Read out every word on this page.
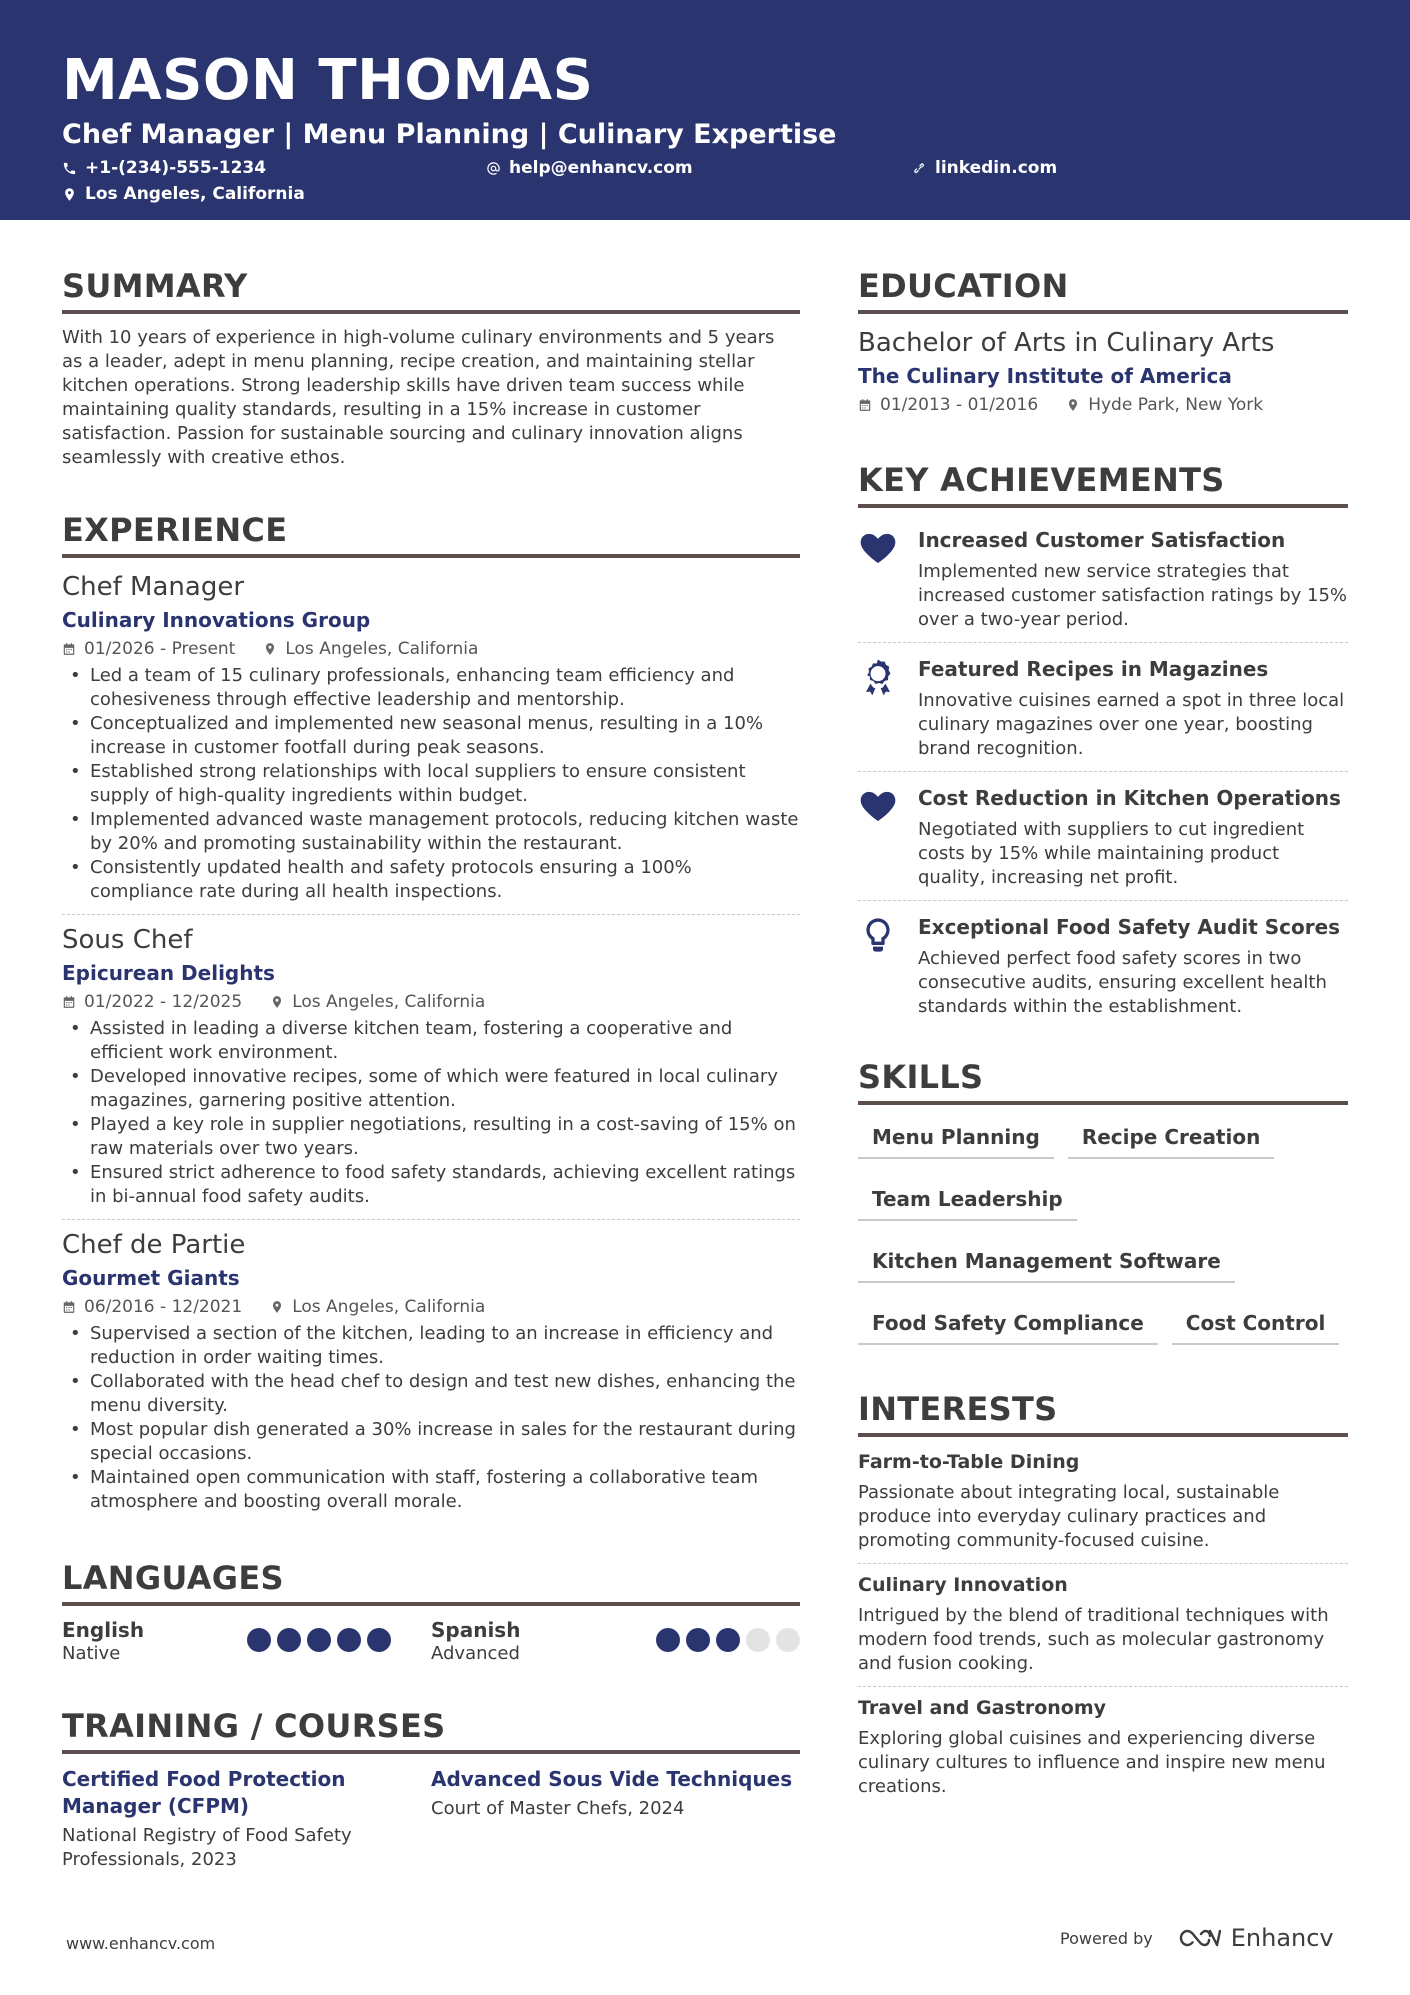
MASON THOMAS
Chef Manager | Menu Planning | Culinary Expertise
+1-(234)-555-1234	help@enhancv.com	linkedin.com
Los Angeles, California
SUMMARY
With 10 years of experience in high-volume culinary environments and 5 years as a leader, adept in menu planning, recipe creation, and maintaining stellar kitchen operations. Strong leadership skills have driven team success while maintaining quality standards, resulting in a 15% increase in customer satisfaction. Passion for sustainable sourcing and culinary innovation aligns seamlessly with creative ethos.
EXPERIENCE
Chef Manager
Culinary Innovations Group
01/2026 - Present	Los Angeles, California
• Led a team of 15 culinary professionals, enhancing team efficiency and cohesiveness through effective leadership and mentorship.
• Conceptualized and implemented new seasonal menus, resulting in a 10% increase in customer footfall during peak seasons.
• Established strong relationships with local suppliers to ensure consistent supply of high-quality ingredients within budget.
• Implemented advanced waste management protocols, reducing kitchen waste by 20% and promoting sustainability within the restaurant.
• Consistently updated health and safety protocols ensuring a 100% compliance rate during all health inspections.
Sous Chef
Epicurean Delights
01/2022 - 12/2025	Los Angeles, California
• Assisted in leading a diverse kitchen team, fostering a cooperative and efficient work environment.
• Developed innovative recipes, some of which were featured in local culinary magazines, garnering positive attention.
• Played a key role in supplier negotiations, resulting in a cost-saving of 15% on raw materials over two years.
• Ensured strict adherence to food safety standards, achieving excellent ratings in bi-annual food safety audits.
Chef de Partie
Gourmet Giants
06/2016 - 12/2021	Los Angeles, California
• Supervised a section of the kitchen, leading to an increase in efficiency and reduction in order waiting times.
• Collaborated with the head chef to design and test new dishes, enhancing the menu diversity.
• Most popular dish generated a 30% increase in sales for the restaurant during special occasions.
• Maintained open communication with staff, fostering a collaborative team atmosphere and boosting overall morale.
LANGUAGES
English
Native
Spanish
Advanced
TRAINING / COURSES
Certified Food Protection Manager (CFPM)
National Registry of Food Safety Professionals, 2023
Advanced Sous Vide Techniques
Court of Master Chefs, 2024
EDUCATION
Bachelor of Arts in Culinary Arts
The Culinary Institute of America
01/2013 - 01/2016	Hyde Park, New York
KEY ACHIEVEMENTS
Increased Customer Satisfaction
Implemented new service strategies that increased customer satisfaction ratings by 15% over a two-year period.
1 Featured Recipes in Magazines
Innovative cuisines earned a spot in three local culinary magazines over one year, boosting brand recognition.
Cost Reduction in Kitchen Operations
Negotiated with suppliers to cut ingredient costs by 15% while maintaining product quality, increasing net profit.
Exceptional Food Safety Audit Scores
Achieved perfect food safety scores in two consecutive audits, ensuring excellent health standards within the establishment.
SKILLS
Menu Planning	Recipe Creation
Team Leadership
Kitchen Management Software
Food Safety Compliance	Cost Control
INTERESTS
Farm-to-Table Dining
Passionate about integrating local, sustainable produce into everyday culinary practices and promoting community-focused cuisine.
Culinary Innovation
Intrigued by the blend of traditional techniques with modern food trends, such as molecular gastronomy and fusion cooking.
Travel and Gastronomy
Exploring global cuisines and experiencing diverse culinary cultures to influence and inspire new menu creations.
www.enhancv.com	Powered by	Enhancv
